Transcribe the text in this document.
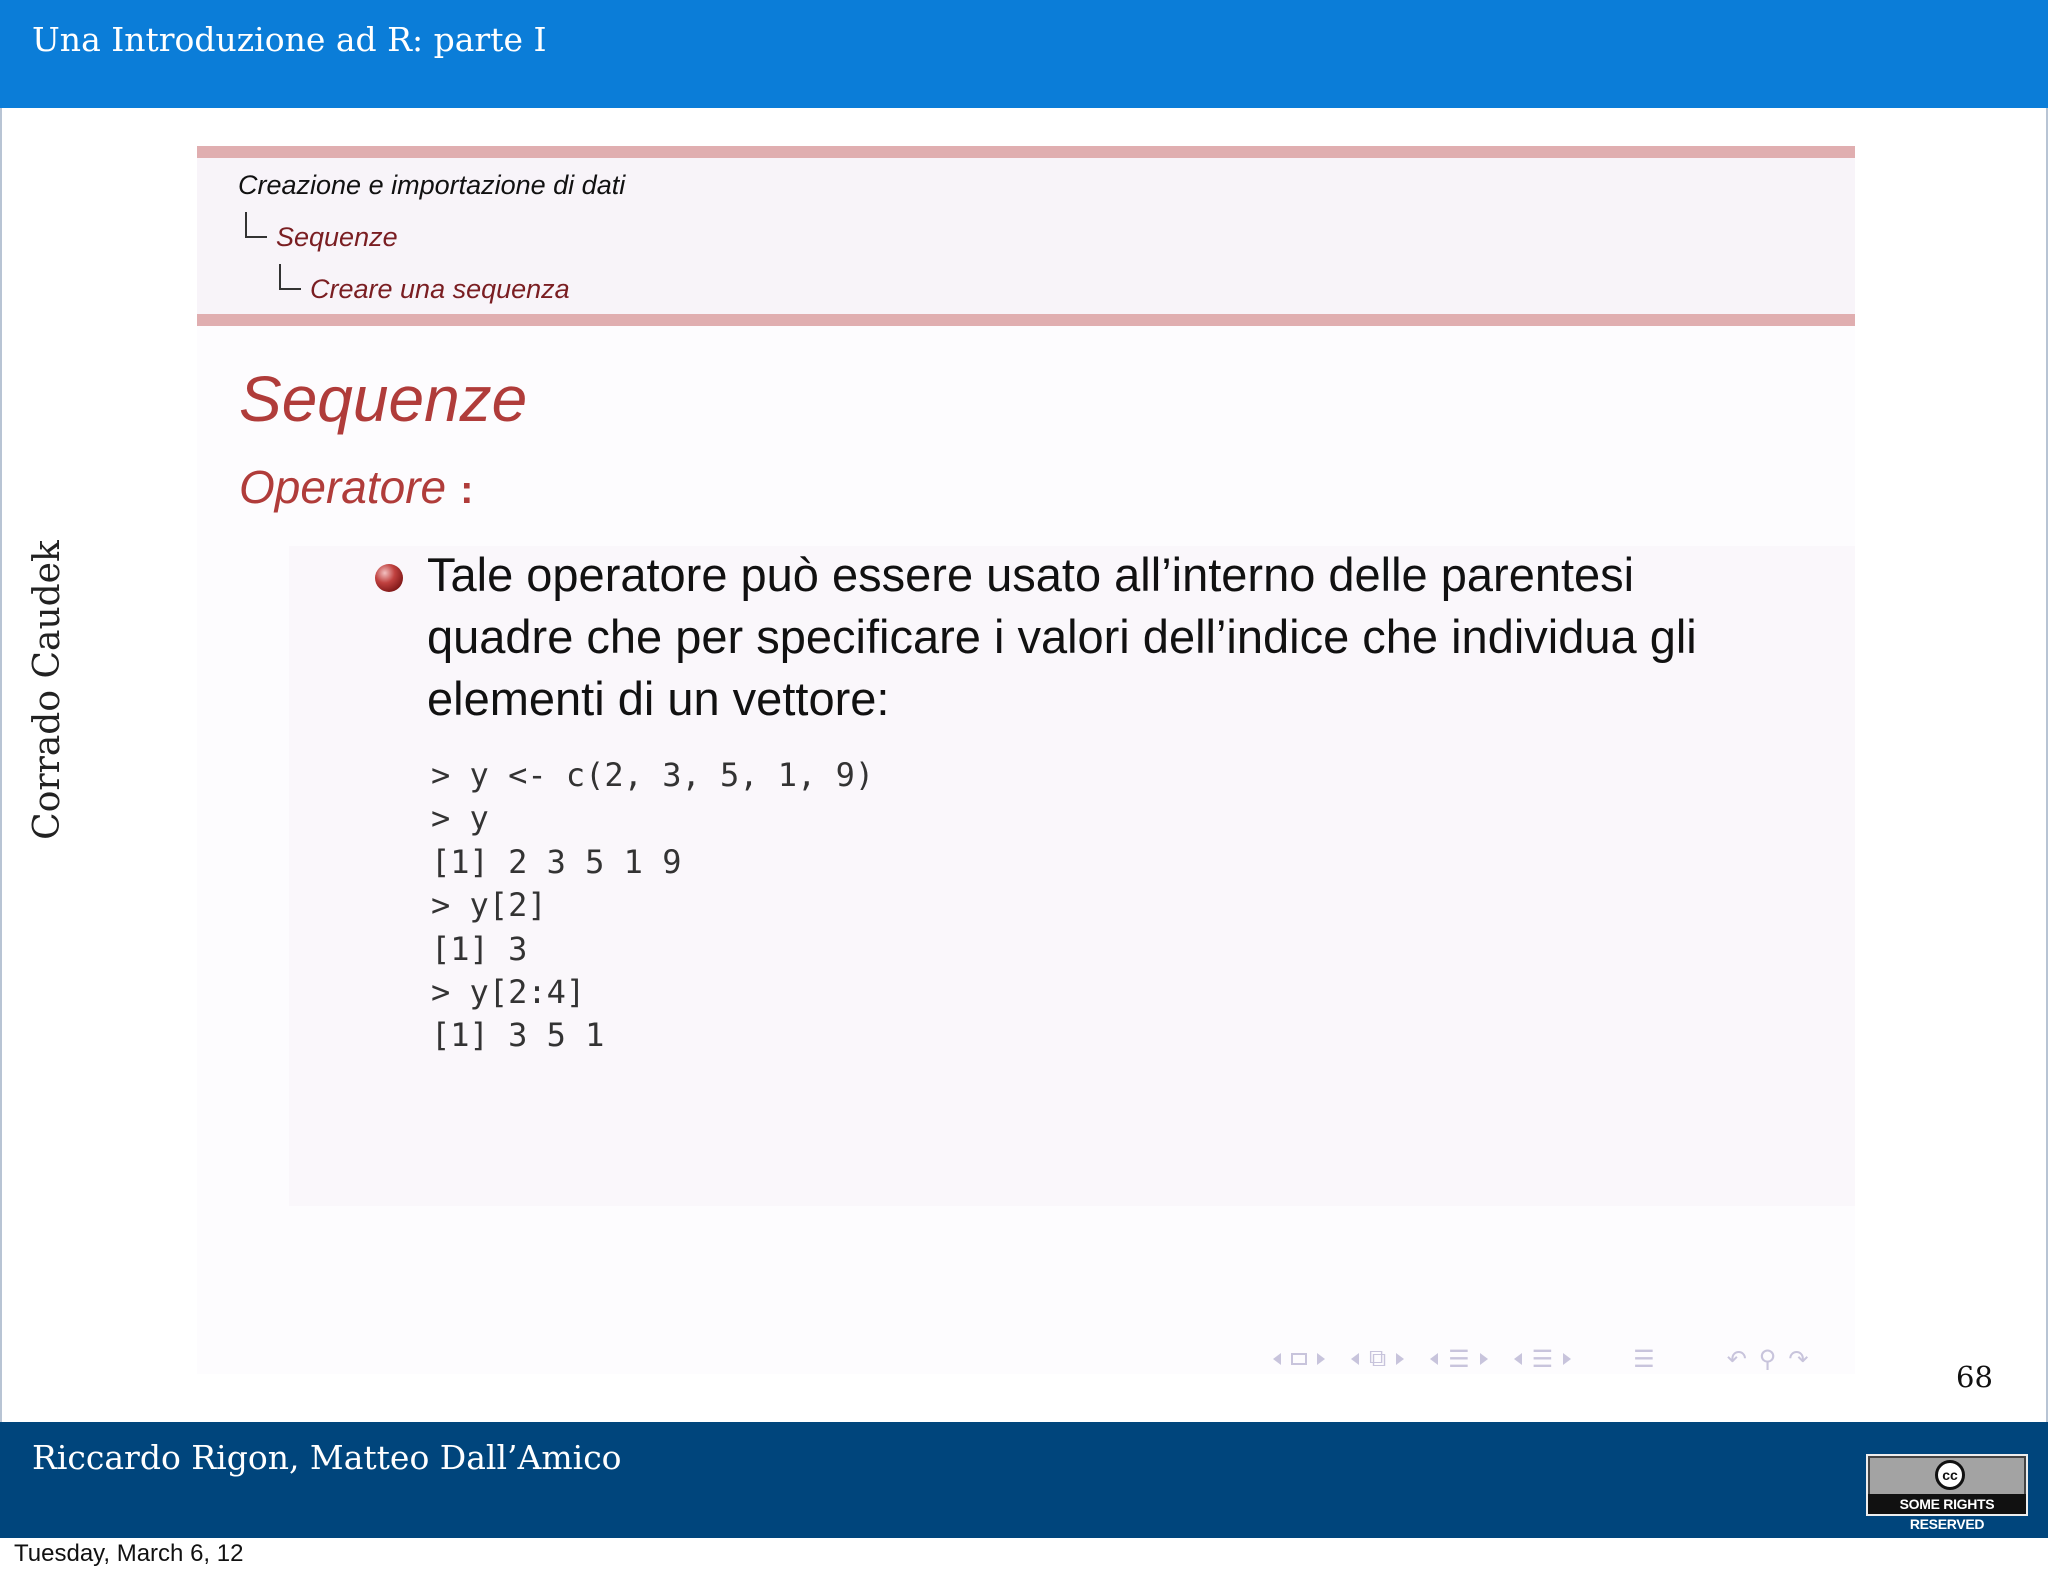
Una Introduzione ad R: parte I
Corrado Caudek
Creazione e importazione di dati
Sequenze
Creare una sequenza
Sequenze
Operatore :
Tale operatore può essere usato all’interno delle parentesi quadre che per specificare i valori dell’indice che individua gli elementi di un vettore:
> y <- c(2, 3, 5, 1, 9)
> y
[1] 2 3 5 1 9
> y[2]
[1] 3
> y[2:4]
[1] 3 5 1
⧉	☰	☰	☰	↶ ⚲ ↷
68
Riccardo Rigon, Matteo Dall’Amico	cc
SOME RIGHTS RESERVED
Tuesday, March 6, 12
